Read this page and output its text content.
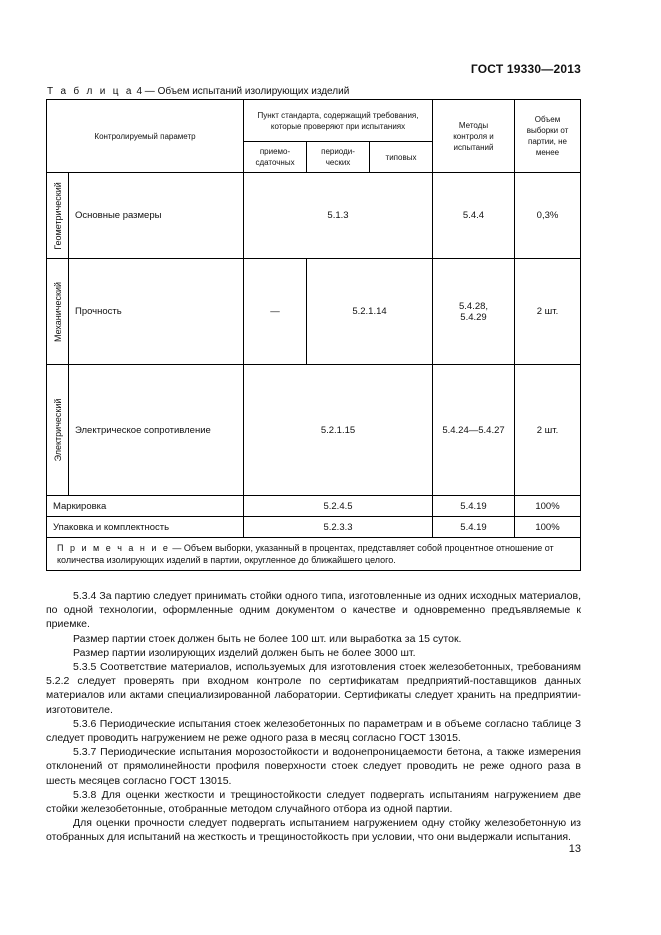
ГОСТ 19330—2013
Т а б л и ц а 4 — Объем испытаний изолирующих изделий
Контролируемый параметр		Пункт стандарта, содержащий требования, которые проверяют при испытаниях			Методы контроля и испытаний	Объем выборки от партии, не менее
		приемо-сдаточных	периоди-ческих	типовых		

Геометрический	Основные размеры	5.1.3			5.4.4	0,3%

Механический	Прочность	—	5.2.1.14		5.4.28, 5.4.29	2 шт.

Электрический	Электрическое сопротивление	5.2.1.15			5.4.24—5.4.27	2 шт.
Маркировка		5.2.4.5			5.4.19	100%
Упаковка и комплектность		5.2.3.3			5.4.19	100%
П р и м е ч а н и е — Объем выборки, указанный в процентах, представляет собой процентное отношение от количества изолирующих изделий в партии, округленное до ближайшего целого.						

5.3.4 За партию следует принимать стойки одного типа, изготовленные из одних исходных материалов, по одной технологии, оформленные одним документом о качестве и одновременно предъявляемые к приемке.

Размер партии стоек должен быть не более 100 шт. или выработка за 15 суток.

Размер партии изолирующих изделий должен быть не более 3000 шт.

5.3.5 Соответствие материалов, используемых для изготовления стоек железобетонных, требованиям 5.2.2 следует проверять при входном контроле по сертификатам предприятий-поставщиков данных материалов или актами специализированной лаборатории. Сертификаты следует хранить на предприятии-изготовителе.

5.3.6 Периодические испытания стоек железобетонных по параметрам и в объеме согласно таблице 3 следует проводить нагружением не реже одного раза в месяц согласно ГОСТ 13015.

5.3.7 Периодические испытания морозостойкости и водонепроницаемости бетона, а также измерения отклонений от прямолинейности профиля поверхности стоек следует проводить не реже одного раза в шесть месяцев согласно ГОСТ 13015.

5.3.8 Для оценки жесткости и трещиностойкости следует подвергать испытаниям нагружением две стойки железобетонные, отобранные методом случайного отбора из одной партии.

Для оценки прочности следует подвергать испытанием нагружением одну стойку железобетонную из отобранных для испытаний на жесткость и трещиностойкость при условии, что они выдержали испытания.

13
